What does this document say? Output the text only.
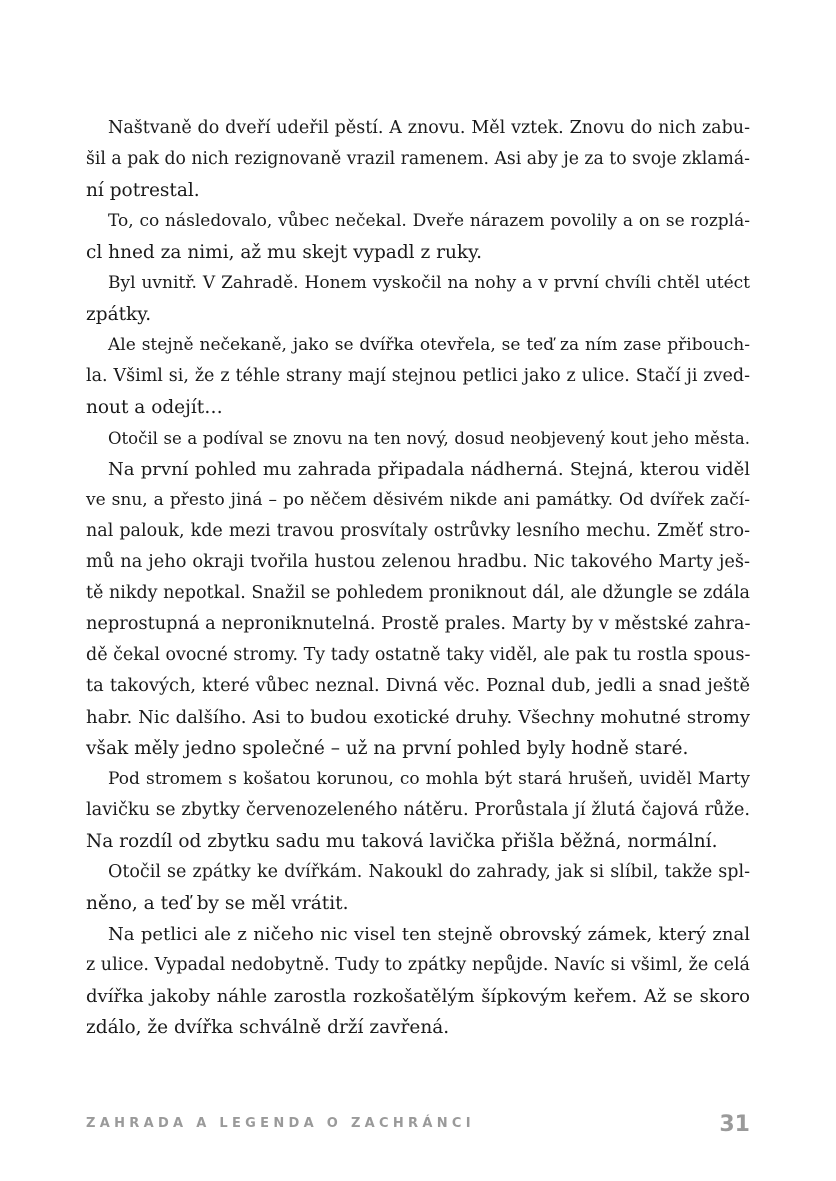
Naštvaně do dveří udeřil pěstí. A znovu. Měl vztek. Znovu do nich zabu-
šil a pak do nich rezignovaně vrazil ramenem. Asi aby je za to svoje zklamá-
ní potrestal.
To, co následovalo, vůbec nečekal. Dveře nárazem povolily a on se rozplá-
cl hned za nimi, až mu skejt vypadl z ruky.
Byl uvnitř. V Zahradě. Honem vyskočil na nohy a v první chvíli chtěl utéct
zpátky.
Ale stejně nečekaně, jako se dvířka otevřela, se teď za ním zase přibouch-
la. Všiml si, že z téhle strany mají stejnou petlici jako z ulice. Stačí ji zved-
nout a odejít…
Otočil se a podíval se znovu na ten nový, dosud neobjevený kout jeho města.
Na první pohled mu zahrada připadala nádherná. Stejná, kterou viděl
ve snu, a přesto jiná – po něčem děsivém nikde ani památky. Od dvířek začí-
nal palouk, kde mezi travou prosvítaly ostrůvky lesního mechu. Změť stro-
mů na jeho okraji tvořila hustou zelenou hradbu. Nic takového Marty ješ-
tě nikdy nepotkal. Snažil se pohledem proniknout dál, ale džungle se zdála
neprostupná a neproniknutelná. Prostě prales. Marty by v městské zahra-
dě čekal ovocné stromy. Ty tady ostatně taky viděl, ale pak tu rostla spous-
ta takových, které vůbec neznal. Divná věc. Poznal dub, jedli a snad ještě
habr. Nic dalšího. Asi to budou exotické druhy. Všechny mohutné stromy
však měly jedno společné – už na první pohled byly hodně staré.
Pod stromem s košatou korunou, co mohla být stará hrušeň, uviděl Marty
lavičku se zbytky červenozeleného nátěru. Prorůstala jí žlutá čajová růže.
Na rozdíl od zbytku sadu mu taková lavička přišla běžná, normální.
Otočil se zpátky ke dvířkám. Nakoukl do zahrady, jak si slíbil, takže spl-
něno, a teď by se měl vrátit.
Na petlici ale z ničeho nic visel ten stejně obrovský zámek, který znal
z ulice. Vypadal nedobytně. Tudy to zpátky nepůjde. Navíc si všiml, že celá
dvířka jakoby náhle zarostla rozkošatělým šípkovým keřem. Až se skoro
zdálo, že dvířka schválně drží zavřená.
ZAHRADA A LEGENDA O ZACHRÁNCI	31
